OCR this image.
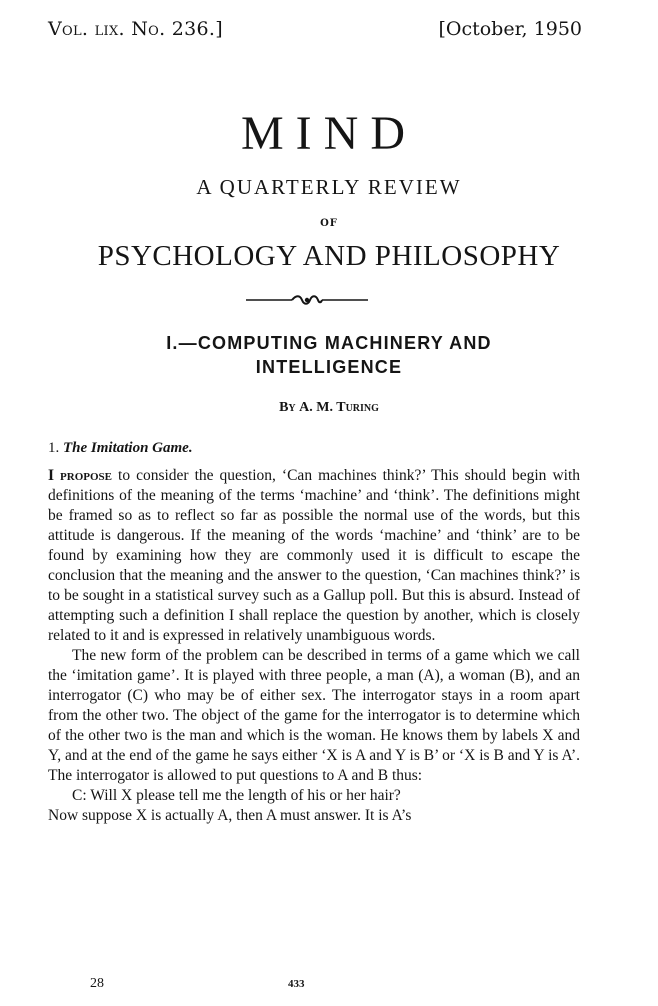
Vol. lix. No. 236.]	[October, 1950
MIND
A QUARTERLY REVIEW
OF
PSYCHOLOGY AND PHILOSOPHY
I.—COMPUTING MACHINERY AND
INTELLIGENCE
By A. M. Turing
1. The Imitation Game.

I propose to consider the question, ‘Can machines think?’ This should begin with definitions of the meaning of the terms ‘machine’ and ‘think’. The definitions might be framed so as to reflect so far as possible the normal use of the words, but this attitude is dangerous. If the meaning of the words ‘machine’ and ‘think’ are to be found by examining how they are commonly used it is difficult to escape the conclusion that the meaning and the answer to the question, ‘Can machines think?’ is to be sought in a statistical survey such as a Gallup poll. But this is absurd. Instead of attempting such a definition I shall replace the question by another, which is closely related to it and is expressed in relatively unambiguous words.

The new form of the problem can be described in terms of a game which we call the ‘imitation game’. It is played with three people, a man (A), a woman (B), and an interrogator (C) who may be of either sex. The interrogator stays in a room apart from the other two. The object of the game for the interrogator is to determine which of the other two is the man and which is the woman. He knows them by labels X and Y, and at the end of the game he says either ‘X is A and Y is B’ or ‘X is B and Y is A’. The interrogator is allowed to put questions to A and B thus:

C: Will X please tell me the length of his or her hair?

Now suppose X is actually A, then A must answer. It is A’s

28	433
